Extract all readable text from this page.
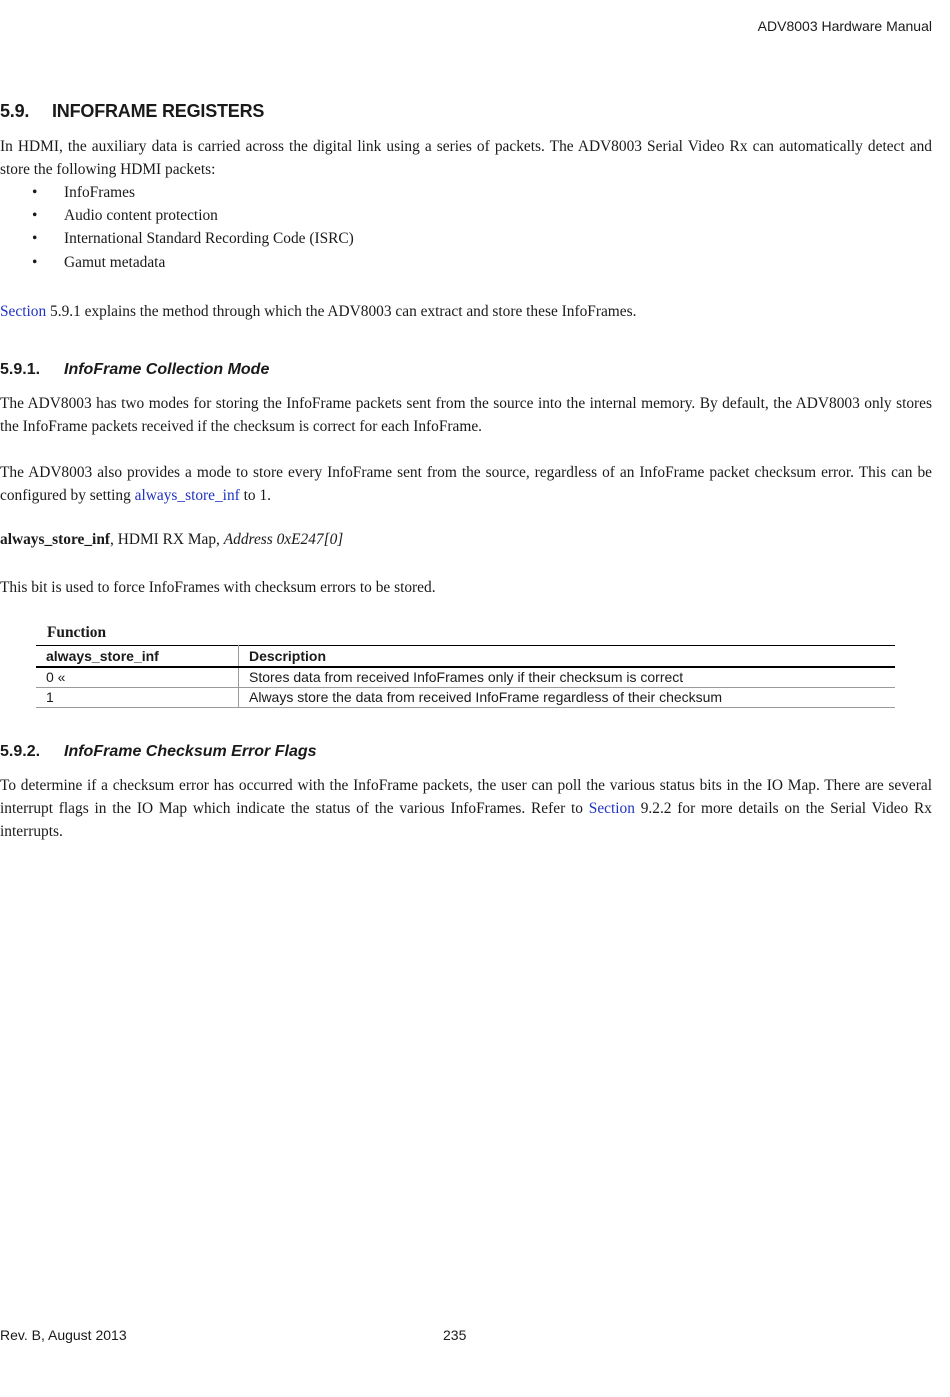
ADV8003 Hardware Manual
5.9. INFOFRAME REGISTERS

In HDMI, the auxiliary data is carried across the digital link using a series of packets. The ADV8003 Serial Video Rx can automatically detect and store the following HDMI packets:

• InfoFrames
• Audio content protection
• International Standard Recording Code (ISRC)
• Gamut metadata

Section 5.9.1 explains the method through which the ADV8003 can extract and store these InfoFrames.

5.9.1. InfoFrame Collection Mode

The ADV8003 has two modes for storing the InfoFrame packets sent from the source into the internal memory. By default, the ADV8003 only stores the InfoFrame packets received if the checksum is correct for each InfoFrame.

The ADV8003 also provides a mode to store every InfoFrame sent from the source, regardless of an InfoFrame packet checksum error. This can be configured by setting always_store_inf to 1.

always_store_inf, HDMI RX Map, Address 0xE247[0]

This bit is used to force InfoFrames with checksum errors to be stored.

Function
always_store_inf	Description
0 «	Stores data from received InfoFrames only if their checksum is correct
1	Always store the data from received InfoFrame regardless of their checksum
5.9.2. InfoFrame Checksum Error Flags

To determine if a checksum error has occurred with the InfoFrame packets, the user can poll the various status bits in the IO Map. There are several interrupt flags in the IO Map which indicate the status of the various InfoFrames. Refer to Section 9.2.2 for more details on the Serial Video Rx interrupts.

Rev. B, August 2013	235
